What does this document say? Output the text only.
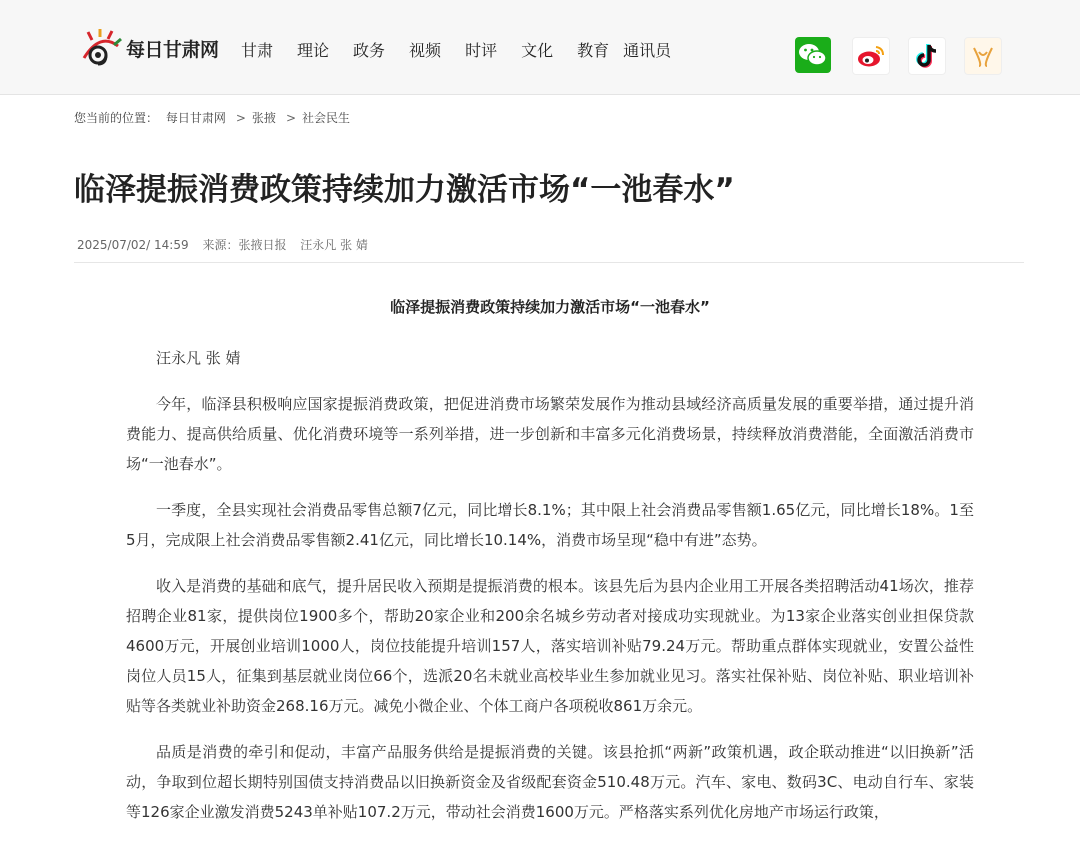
每日甘肃网 甘肃 理论 政务 视频 时评 文化 教育 通讯员
您当前的位置： 每日甘肃网 > 张掖 > 社会民生
临泽提振消费政策持续加力激活市场“一池春水”
2025/07/02/ 14:59 来源：张掖日报 汪永凡 张 婧
临泽提振消费政策持续加力激活市场“一池春水”

汪永凡 张 婧

今年，临泽县积极响应国家提振消费政策，把促进消费市场繁荣发展作为推动县域经济高质量发展的重要举措，通过提升消费能力、提高供给质量、优化消费环境等一系列举措，进一步创新和丰富多元化消费场景，持续释放消费潜能，全面激活消费市场“一池春水”。

一季度，全县实现社会消费品零售总额7亿元，同比增长8.1%；其中限上社会消费品零售额1.65亿元，同比增长18%。1至5月，完成限上社会消费品零售额2.41亿元，同比增长10.14%，消费市场呈现“稳中有进”态势。

收入是消费的基础和底气，提升居民收入预期是提振消费的根本。该县先后为县内企业用工开展各类招聘活动41场次，推荐招聘企业81家，提供岗位1900多个，帮助20家企业和200余名城乡劳动者对接成功实现就业。为13家企业落实创业担保贷款4600万元，开展创业培训1000人，岗位技能提升培训157人，落实培训补贴79.24万元。帮助重点群体实现就业，安置公益性岗位人员15人，征集到基层就业岗位66个，选派20名未就业高校毕业生参加就业见习。落实社保补贴、岗位补贴、职业培训补贴等各类就业补助资金268.16万元。减免小微企业、个体工商户各项税收861万余元。

品质是消费的牵引和促动，丰富产品服务供给是提振消费的关键。该县抢抓“两新”政策机遇，政企联动推进“以旧换新”活动，争取到位超长期特别国债支持消费品以旧换新资金及省级配套资金510.48万元。汽车、家电、数码3C、电动自行车、家装等126家企业激发消费5243单补贴107.2万元，带动社会消费1600万元。严格落实系列优化房地产市场运行政策，
